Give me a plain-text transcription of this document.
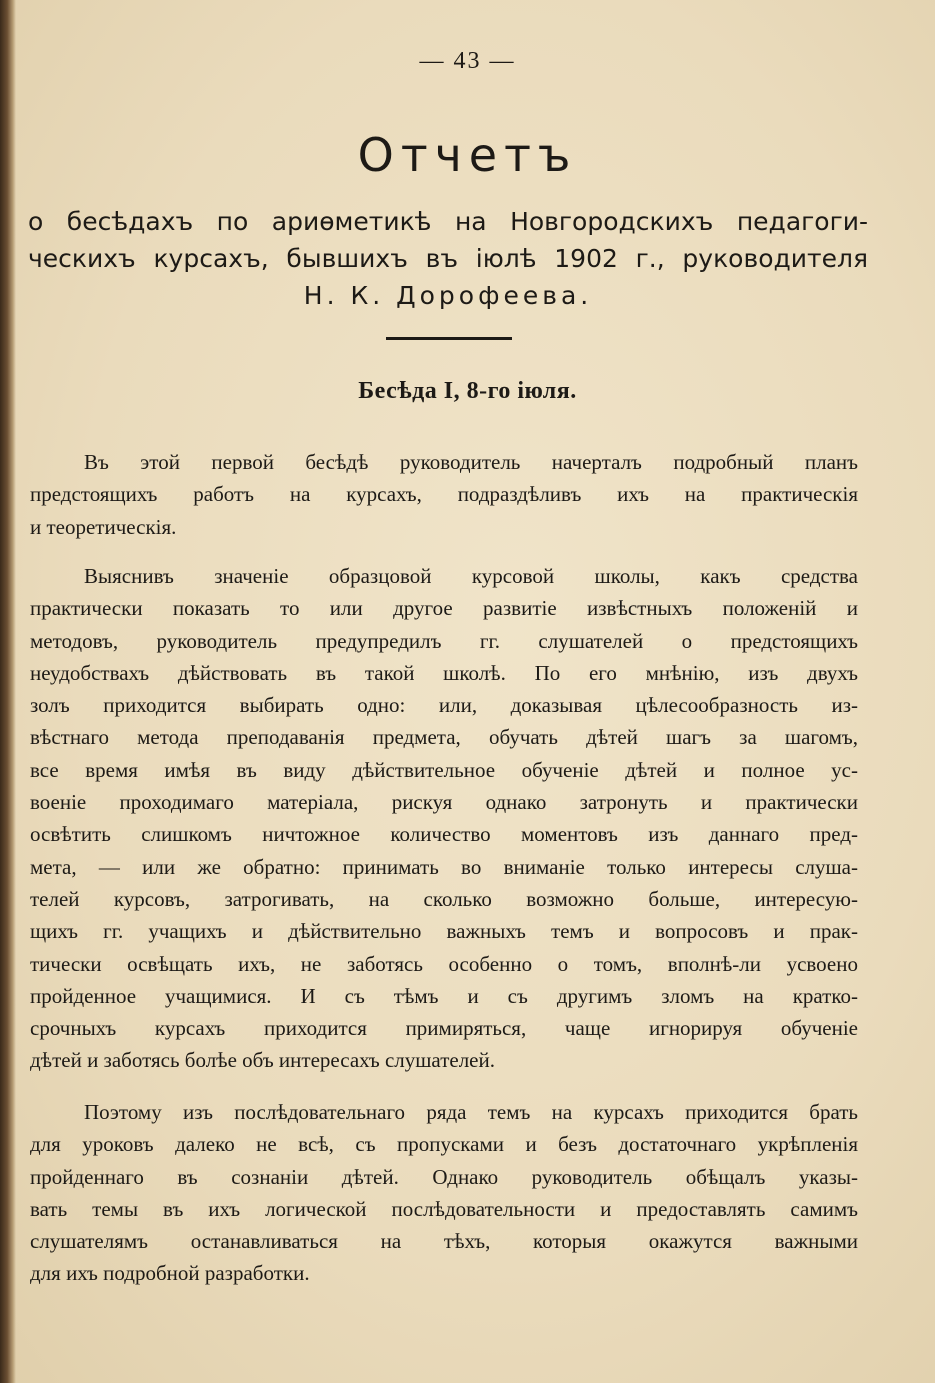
— 43 —
Отчетъ
о бесѣдахъ по ариѳметикѣ на Новгородскихъ педагоги-
ческихъ курсахъ, бывшихъ въ іюлѣ 1902 г., руководителя
Н. К. Дорофеева.
Бесѣда I, 8-го іюля.
Въ этой первой бесѣдѣ руководитель начерталъ подробный планъ
предстоящихъ работъ на курсахъ, подраздѣливъ ихъ на практическія
и теоретическія.
Выяснивъ значеніе образцовой курсовой школы, какъ средства
практически показать то или другое развитіе извѣстныхъ положеній и
методовъ, руководитель предупредилъ гг. слушателей о предстоящихъ
неудобствахъ дѣйствовать въ такой школѣ. По его мнѣнію, изъ двухъ
золъ приходится выбирать одно: или, доказывая цѣлесообразность из-
вѣстнаго метода преподаванія предмета, обучать дѣтей шагъ за шагомъ,
все время имѣя въ виду дѣйствительное обученіе дѣтей и полное ус-
военіе проходимаго матеріала, рискуя однако затронуть и практически
освѣтить слишкомъ ничтожное количество моментовъ изъ даннаго пред-
мета, — или же обратно: принимать во вниманіе только интересы слуша-
телей курсовъ, затрогивать, на сколько возможно больше, интересую-
щихъ гг. учащихъ и дѣйствительно важныхъ темъ и вопросовъ и прак-
тически освѣщать ихъ, не заботясь особенно о томъ, вполнѣ-ли усвоено
пройденное учащимися. И съ тѣмъ и съ другимъ зломъ на кратко-
срочныхъ курсахъ приходится примиряться, чаще игнорируя обученіе
дѣтей и заботясь болѣе объ интересахъ слушателей.
Поэтому изъ послѣдовательнаго ряда темъ на курсахъ приходится брать
для уроковъ далеко не всѣ, съ пропусками и безъ достаточнаго укрѣпленія
пройденнаго въ сознаніи дѣтей. Однако руководитель обѣщалъ указы-
вать темы въ ихъ логической послѣдовательности и предоставлять самимъ
слушателямъ останавливаться на тѣхъ, которыя окажутся важными
для ихъ подробной разработки.
